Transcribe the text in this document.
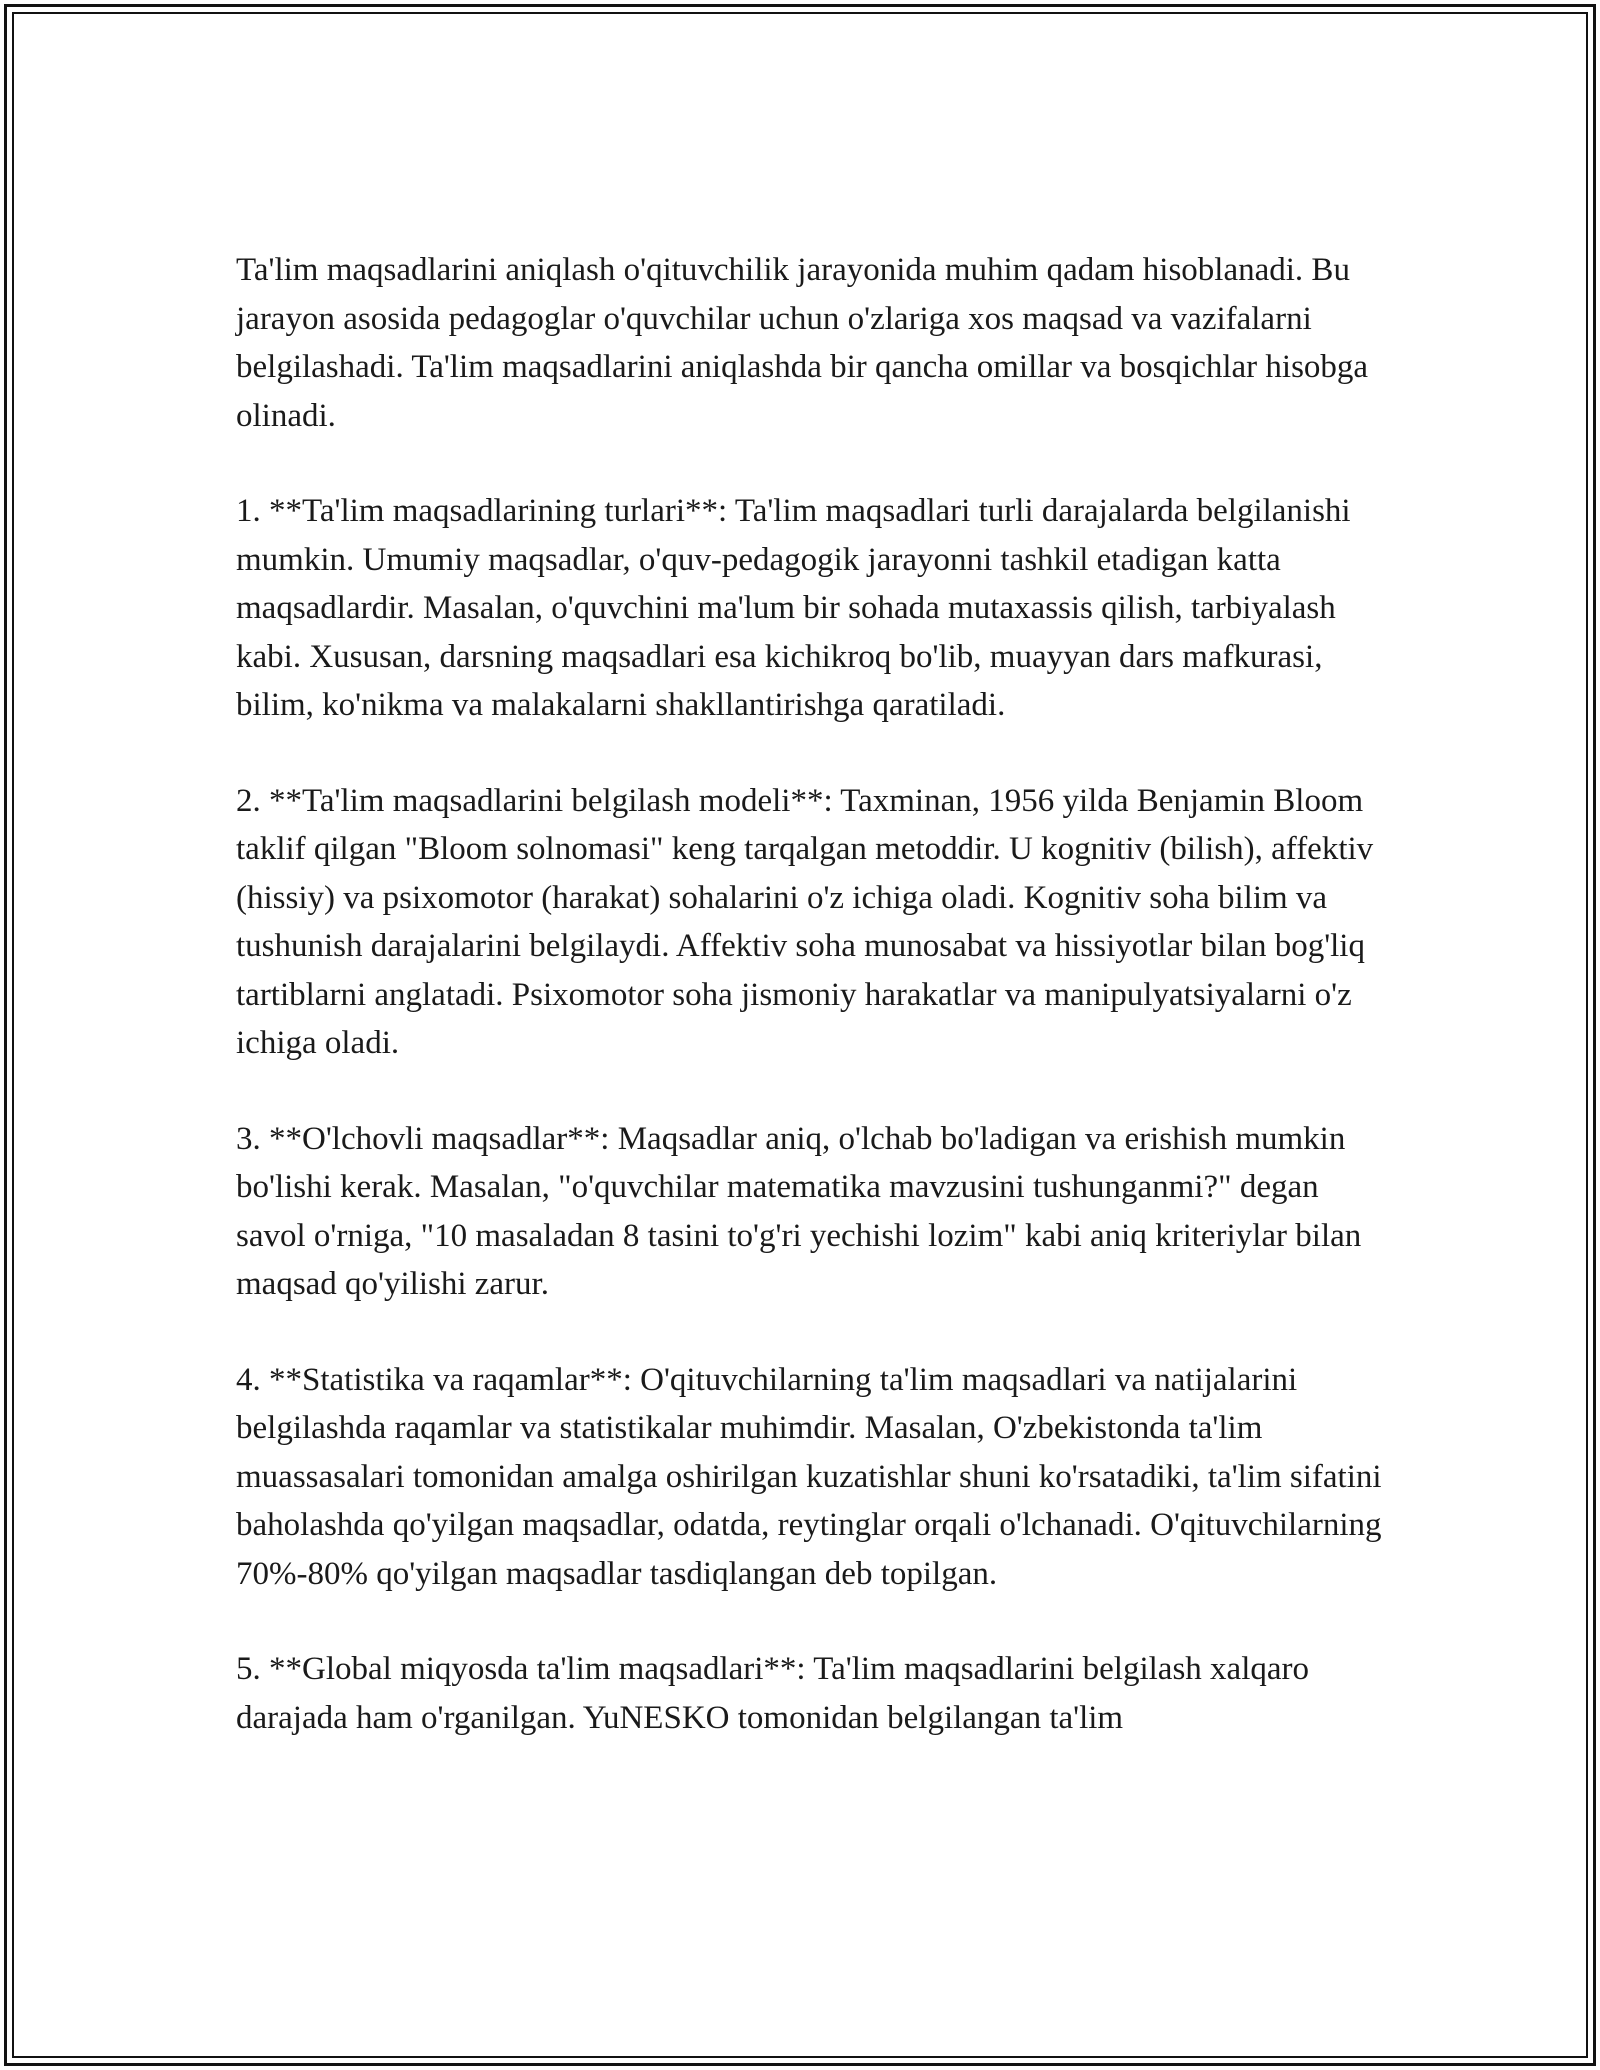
Ta'lim maqsadlarini aniqlash o'qituvchilik jarayonida muhim qadam hisoblanadi. Bu jarayon asosida pedagoglar o'quvchilar uchun o'zlariga xos maqsad va vazifalarni belgilashadi. Ta'lim maqsadlarini aniqlashda bir qancha omillar va bosqichlar hisobga olinadi.

1. **Ta'lim maqsadlarining turlari**: Ta'lim maqsadlari turli darajalarda belgilanishi mumkin. Umumiy maqsadlar, o'quv-pedagogik jarayonni tashkil etadigan katta maqsadlardir. Masalan, o'quvchini ma'lum bir sohada mutaxassis qilish, tarbiyalash kabi. Xususan, darsning maqsadlari esa kichikroq bo'lib, muayyan dars mafkurasi, bilim, ko'nikma va malakalarni shakllantirishga qaratiladi.

2. **Ta'lim maqsadlarini belgilash modeli**: Taxminan, 1956 yilda Benjamin Bloom taklif qilgan "Bloom solnomasi" keng tarqalgan metoddir. U kognitiv (bilish), affektiv (hissiy) va psixomotor (harakat) sohalarini o'z ichiga oladi. Kognitiv soha bilim va tushunish darajalarini belgilaydi. Affektiv soha munosabat va hissiyotlar bilan bog'liq tartiblarni anglatadi. Psixomotor soha jismoniy harakatlar va manipulyatsiyalarni o'z ichiga oladi.

3. **O'lchovli maqsadlar**: Maqsadlar aniq, o'lchab bo'ladigan va erishish mumkin bo'lishi kerak. Masalan, "o'quvchilar matematika mavzusini tushunganmi?" degan savol o'rniga, "10 masaladan 8 tasini to'g'ri yechishi lozim" kabi aniq kriteriylar bilan maqsad qo'yilishi zarur.

4. **Statistika va raqamlar**: O'qituvchilarning ta'lim maqsadlari va natijalarini belgilashda raqamlar va statistikalar muhimdir. Masalan, O'zbekistonda ta'lim muassasalari tomonidan amalga oshirilgan kuzatishlar shuni ko'rsatadiki, ta'lim sifatini baholashda qo'yilgan maqsadlar, odatda, reytinglar orqali o'lchanadi. O'qituvchilarning 70%-80% qo'yilgan maqsadlar tasdiqlangan deb topilgan.

5. **Global miqyosda ta'lim maqsadlari**: Ta'lim maqsadlarini belgilash xalqaro darajada ham o'rganilgan. YuNESKO tomonidan belgilangan ta'lim
